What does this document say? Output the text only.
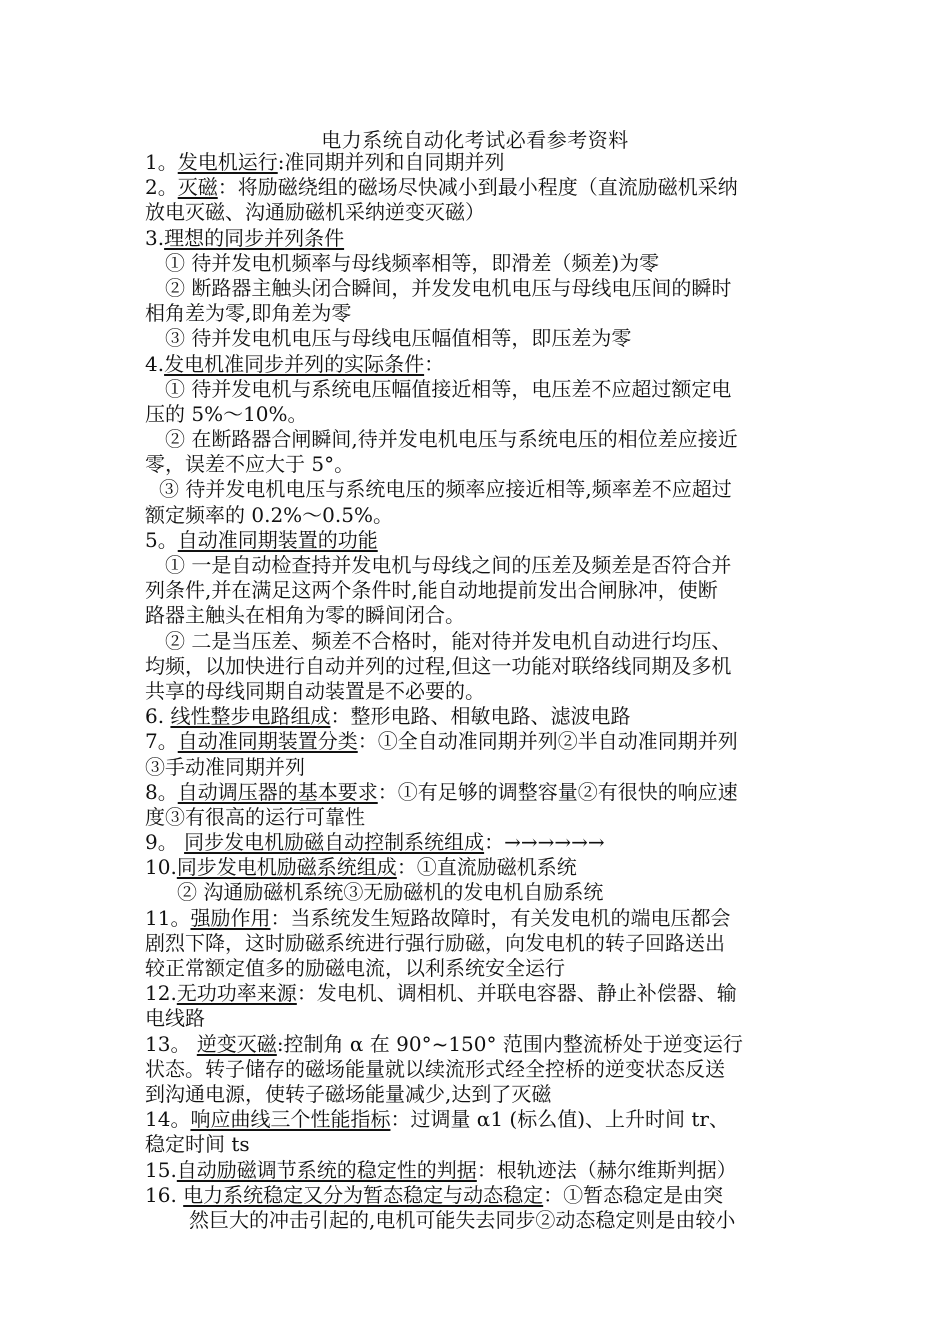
电力系统自动化考试必看参考资料
1。发电机运行:准同期并列和自同期并列
2。灭磁：将励磁绕组的磁场尽快减小到最小程度（直流励磁机采纳
放电灭磁、沟通励磁机采纳逆变灭磁）
3.理想的同步并列条件
① 待并发电机频率与母线频率相等，即滑差（频差)为零
② 断路器主触头闭合瞬间，并发发电机电压与母线电压间的瞬时
相角差为零,即角差为零
③ 待并发电机电压与母线电压幅值相等，即压差为零
4.发电机准同步并列的实际条件：
① 待并发电机与系统电压幅值接近相等，电压差不应超过额定电
压的 5%～10%。
② 在断路器合闸瞬间,待并发电机电压与系统电压的相位差应接近
零，误差不应大于 5°。
③ 待并发电机电压与系统电压的频率应接近相等,频率差不应超过
额定频率的 0.2%～0.5%。
5。自动准同期装置的功能
① 一是自动检查持并发电机与母线之间的压差及频差是否符合并
列条件,并在满足这两个条件时,能自动地提前发出合闸脉冲，使断
路器主触头在相角为零的瞬间闭合。
② 二是当压差、频差不合格时，能对待并发电机自动进行均压、
均频，以加快进行自动并列的过程,但这一功能对联络线同期及多机
共享的母线同期自动装置是不必要的。
6. 线性整步电路组成：整形电路、相敏电路、滤波电路
7。自动准同期装置分类：①全自动准同期并列②半自动准同期并列
③手动准同期并列
8。自动调压器的基本要求：①有足够的调整容量②有很快的响应速
度③有很高的运行可靠性
9。 同步发电机励磁自动控制系统组成：→→→→→→
10.同步发电机励磁系统组成：①直流励磁机系统
② 沟通励磁机系统③无励磁机的发电机自励系统
11。强励作用：当系统发生短路故障时，有关发电机的端电压都会
剧烈下降，这时励磁系统进行强行励磁，向发电机的转子回路送出
较正常额定值多的励磁电流，以利系统安全运行
12.无功功率来源：发电机、调相机、并联电容器、静止补偿器、输
电线路
13。 逆变灭磁:控制角 α 在 90°~150° 范围内整流桥处于逆变运行
状态。转子储存的磁场能量就以续流形式经全控桥的逆变状态反送
到沟通电源，使转子磁场能量减少,达到了灭磁
14。响应曲线三个性能指标：过调量 α1 (标么值)、上升时间 tr、
稳定时间 ts
15.自动励磁调节系统的稳定性的判据：根轨迹法（赫尔维斯判据）
16. 电力系统稳定又分为暂态稳定与动态稳定：①暂态稳定是由突
然巨大的冲击引起的,电机可能失去同步②动态稳定则是由较小
